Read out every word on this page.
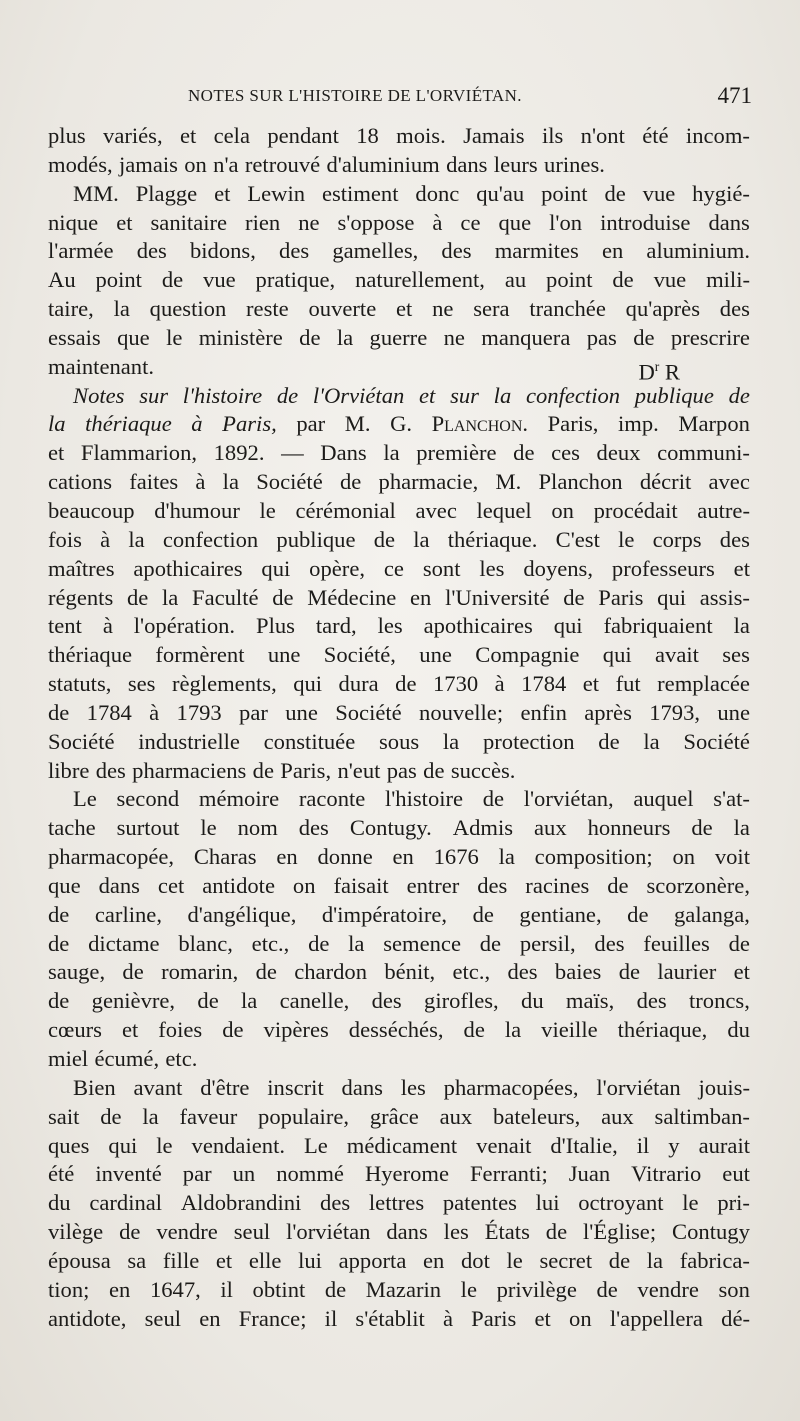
NOTES SUR L'HISTOIRE DE L'ORVIÉTAN.	471
plus variés, et cela pendant 18 mois. Jamais ils n'ont été incom-
modés, jamais on n'a retrouvé d'aluminium dans leurs urines.
MM. Plagge et Lewin estiment donc qu'au point de vue hygié-
nique et sanitaire rien ne s'oppose à ce que l'on introduise dans
l'armée des bidons, des gamelles, des marmites en aluminium.
Au point de vue pratique, naturellement, au point de vue mili-
taire, la question reste ouverte et ne sera tranchée qu'après des
essais que le ministère de la guerre ne manquera pas de prescrire
maintenant.	$D^r$ R
Notes sur l'histoire de l'Orviétan et sur la confection publique de
la thériaque à Paris, par M. G. Planchon. Paris, imp. Marpon
et Flammarion, 1892. — Dans la première de ces deux communi-
cations faites à la Société de pharmacie, M. Planchon décrit avec
beaucoup d'humour le cérémonial avec lequel on procédait autre-
fois à la confection publique de la thériaque. C'est le corps des
maîtres apothicaires qui opère, ce sont les doyens, professeurs et
régents de la Faculté de Médecine en l'Université de Paris qui assis-
tent à l'opération. Plus tard, les apothicaires qui fabriquaient la
thériaque formèrent une Société, une Compagnie qui avait ses
statuts, ses règlements, qui dura de 1730 à 1784 et fut remplacée
de 1784 à 1793 par une Société nouvelle; enfin après 1793, une
Société industrielle constituée sous la protection de la Société
libre des pharmaciens de Paris, n'eut pas de succès.
Le second mémoire raconte l'histoire de l'orviétan, auquel s'at-
tache surtout le nom des Contugy. Admis aux honneurs de la
pharmacopée, Charas en donne en 1676 la composition; on voit
que dans cet antidote on faisait entrer des racines de scorzonère,
de carline, d'angélique, d'impératoire, de gentiane, de galanga,
de dictame blanc, etc., de la semence de persil, des feuilles de
sauge, de romarin, de chardon bénit, etc., des baies de laurier et
de genièvre, de la canelle, des girofles, du maïs, des troncs,
cœurs et foies de vipères desséchés, de la vieille thériaque, du
miel écumé, etc.
Bien avant d'être inscrit dans les pharmacopées, l'orviétan jouis-
sait de la faveur populaire, grâce aux bateleurs, aux saltimban-
ques qui le vendaient. Le médicament venait d'Italie, il y aurait
été inventé par un nommé Hyerome Ferranti; Juan Vitrario eut
du cardinal Aldobrandini des lettres patentes lui octroyant le pri-
vilège de vendre seul l'orviétan dans les États de l'Église; Contugy
épousa sa fille et elle lui apporta en dot le secret de la fabrica-
tion; en 1647, il obtint de Mazarin le privilège de vendre son
antidote, seul en France; il s'établit à Paris et on l'appellera dé-
